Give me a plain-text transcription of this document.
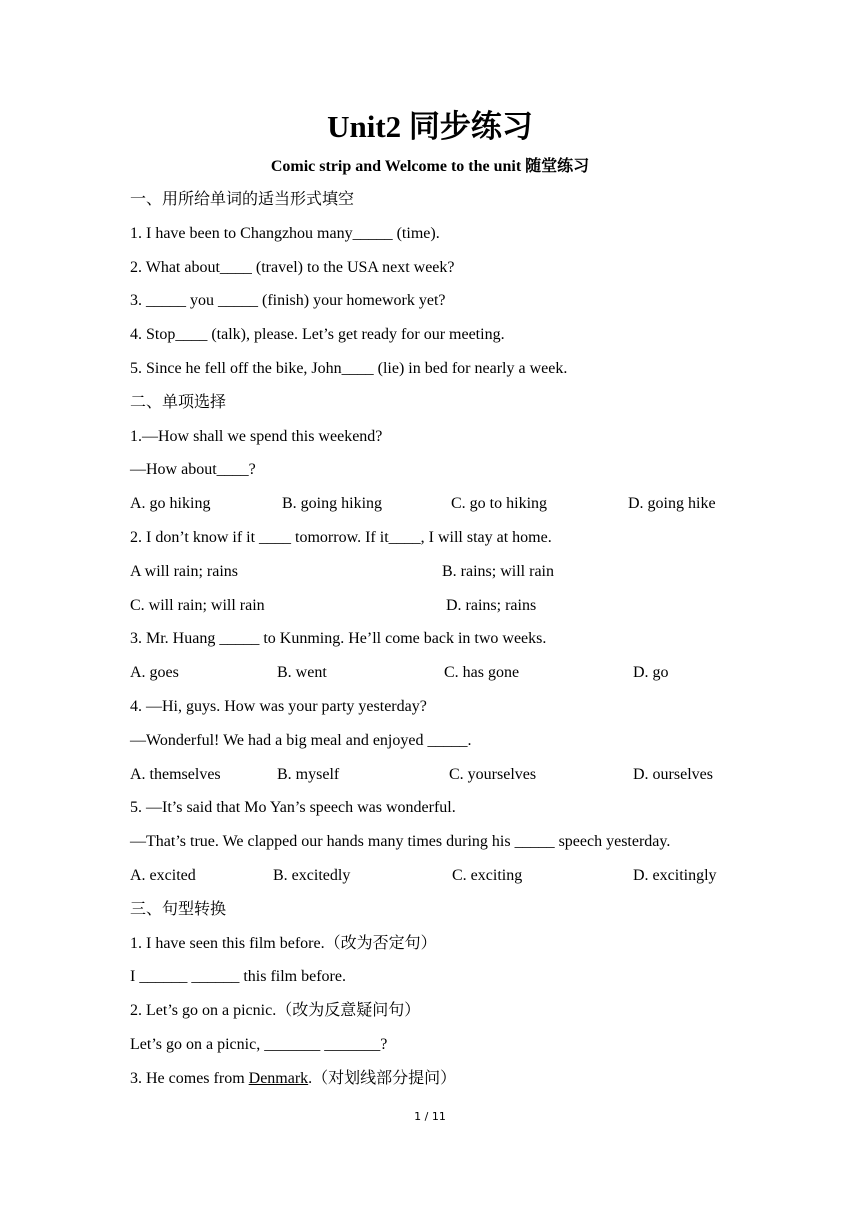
Unit2 同步练习
Comic strip and Welcome to the unit 随堂练习
一、用所给单词的适当形式填空
1. I have been to Changzhou many_____ (time).
2. What about____ (travel) to the USA next week?
3. _____ you _____ (finish) your homework yet?
4. Stop____ (talk), please. Let’s get ready for our meeting.
5. Since he fell off the bike, John____ (lie) in bed for nearly a week.
二、单项选择
1.—How shall we spend this weekend?
—How about____?
A. go hiking	B. going hiking	C. go to hiking	D. going hike
2. I don’t know if it ____ tomorrow. If it____, I will stay at home.
A will rain; rains	B. rains; will rain
C. will rain; will rain	D. rains; rains
3. Mr. Huang _____ to Kunming. He’ll come back in two weeks.
A. goes	B. went	C. has gone	D. go
4. —Hi, guys. How was your party yesterday?
—Wonderful! We had a big meal and enjoyed _____.
A. themselves	B. myself	C. yourselves	D. ourselves
5. —It’s said that Mo Yan’s speech was wonderful.
—That’s true. We clapped our hands many times during his _____ speech yesterday.
A. excited	B. excitedly	C. exciting	D. excitingly
三、句型转换
1. I have seen this film before.（改为否定句）
I ______ ______ this film before.
2. Let’s go on a picnic.（改为反意疑问句）
Let’s go on a picnic, _______ _______?
3. He comes from Denmark.（对划线部分提问）
1 / 11
